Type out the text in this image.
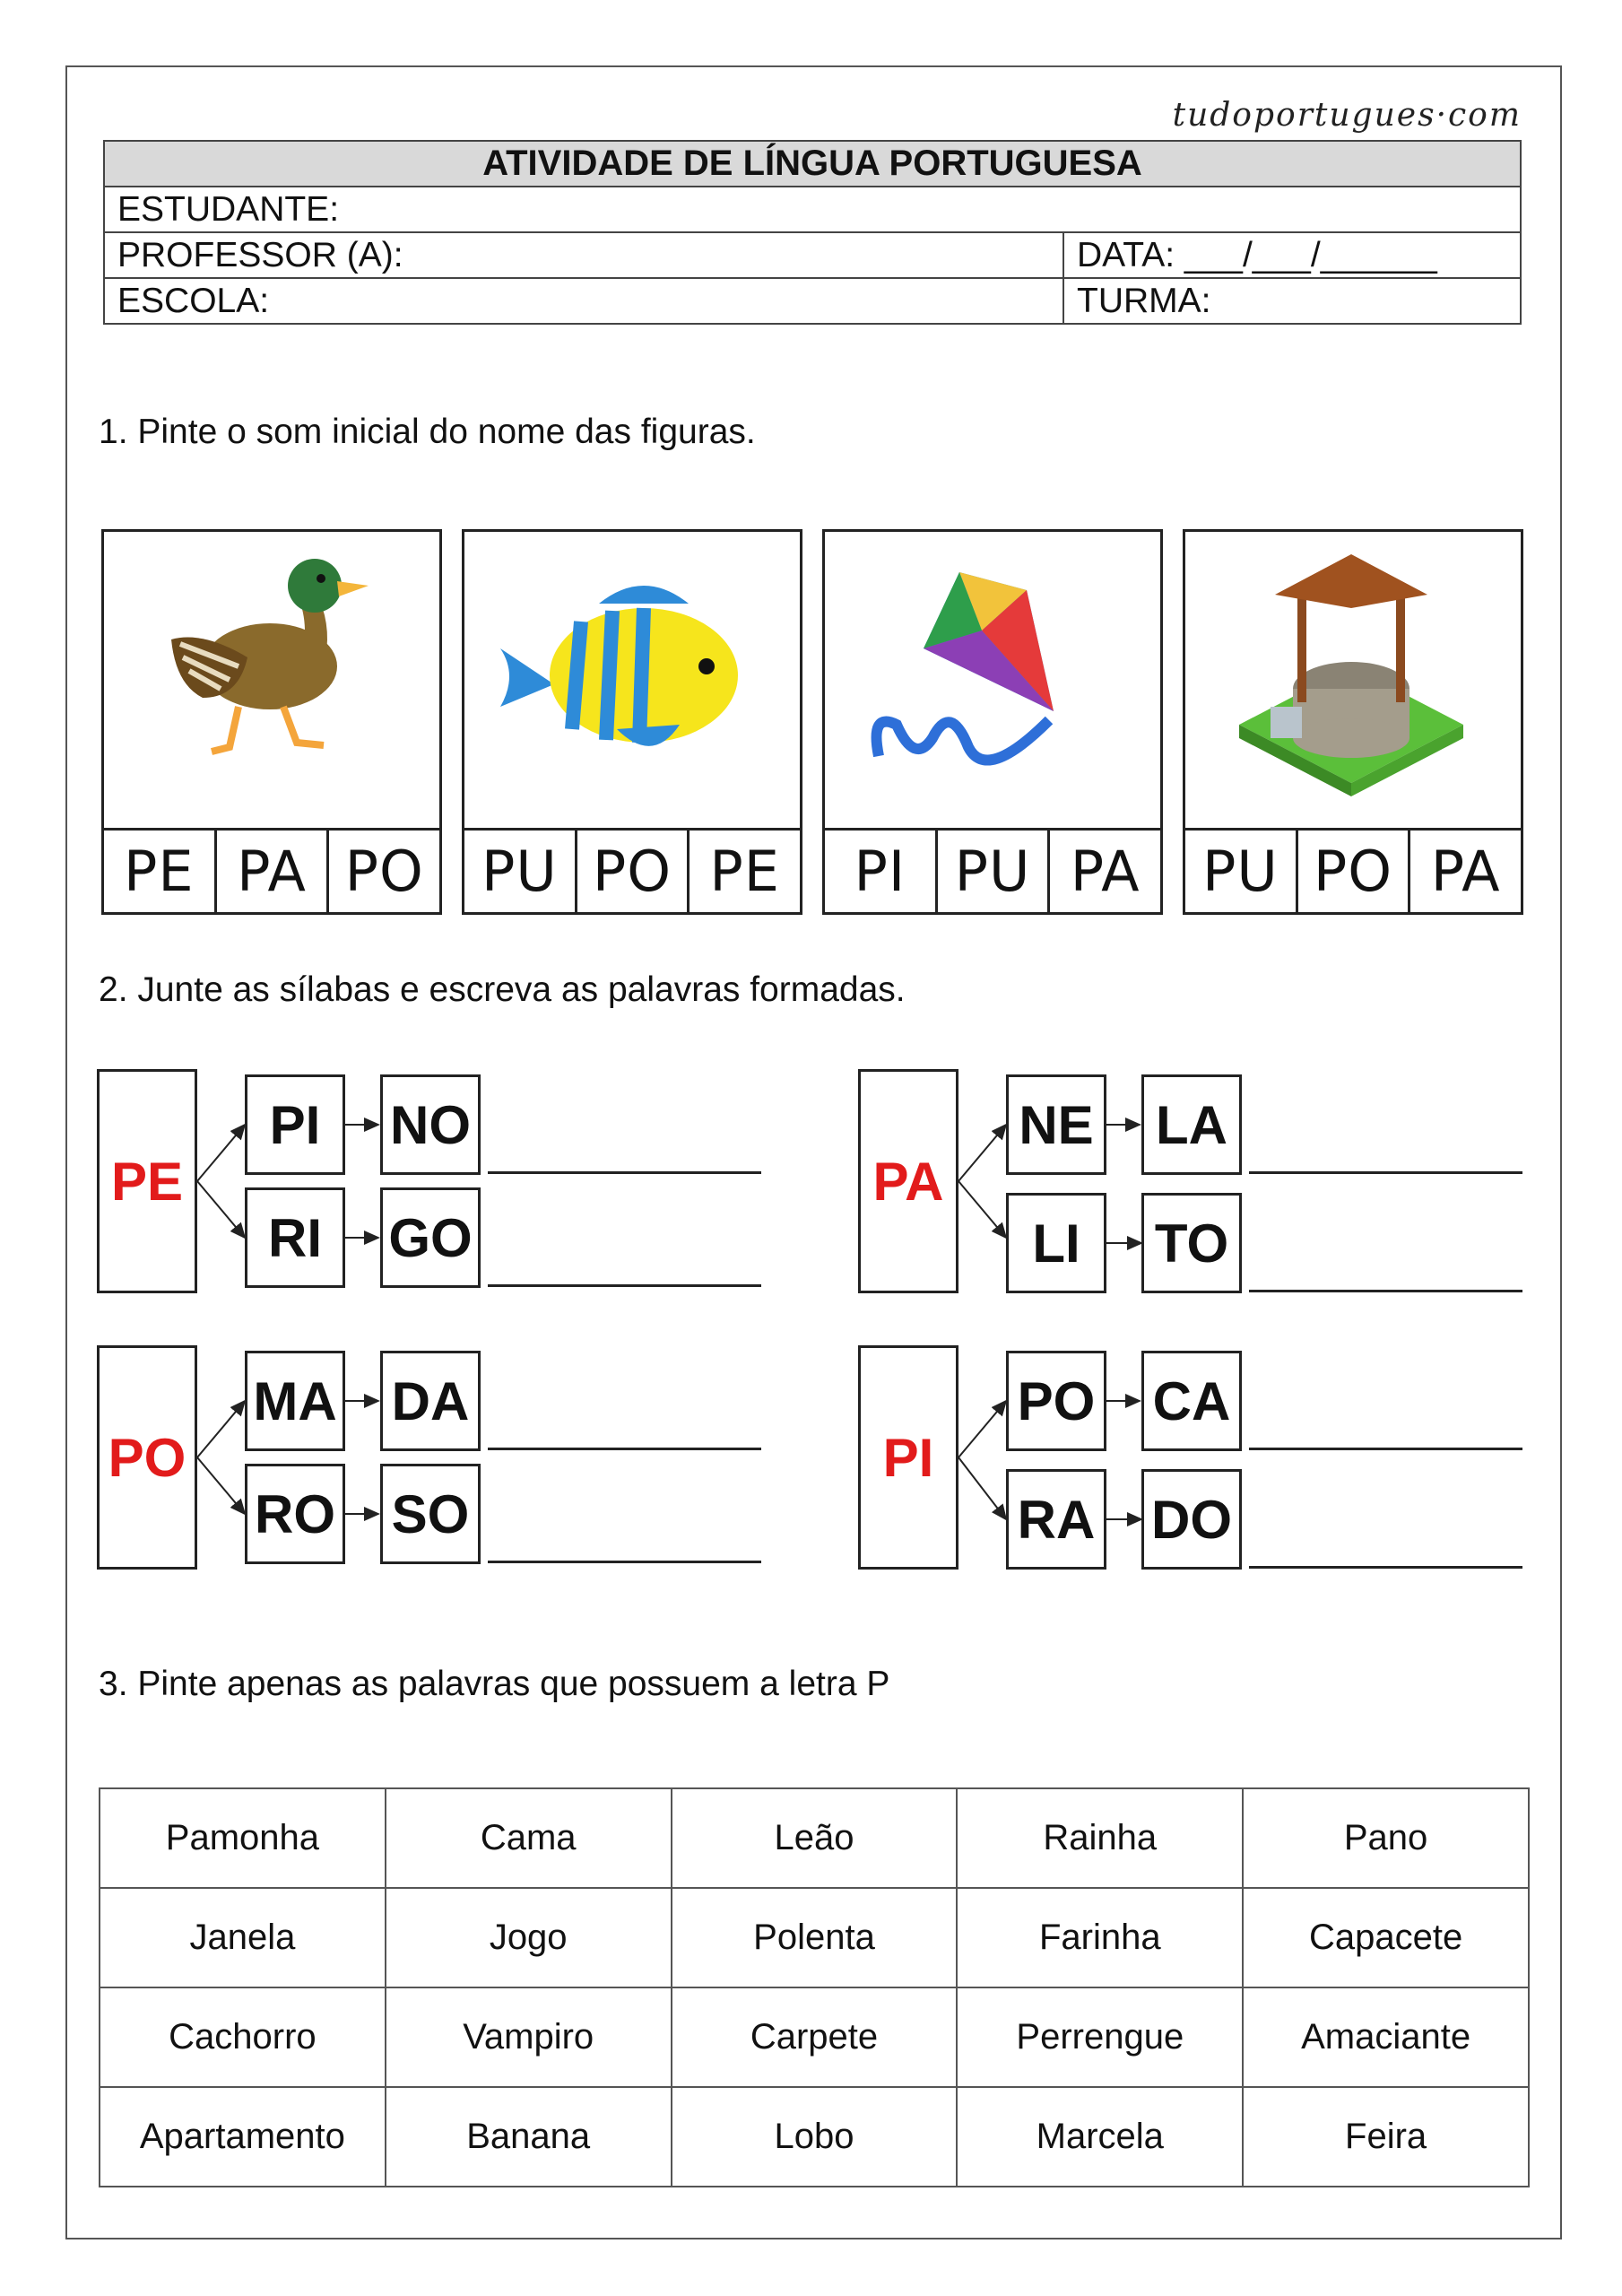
tudoportugues·com
ATIVIDADE DE LÍNGUA PORTUGUESA	
ESTUDANTE:	
PROFESSOR (A):	DATA: ___/___/______
ESCOLA:	TURMA:
1. Pinte o som inicial do nome das figuras.
PE PA PO	PU PO PE	PI PU PA	PU PO PA
2. Junte as sílabas e escreva as palavras formadas.
PE
PI	NO
RI	GO
PA
NE LA
LI	TO
PO
MA DA
RO SO
PI
PO CA
RA DO
3. Pinte apenas as palavras que possuem a letra P
Pamonha	Cama	Leão	Rainha	Pano
Janela	Jogo	Polenta	Farinha	Capacete
Cachorro	Vampiro	Carpete	Perrengue	Amaciante
Apartamento	Banana	Lobo	Marcela	Feira
